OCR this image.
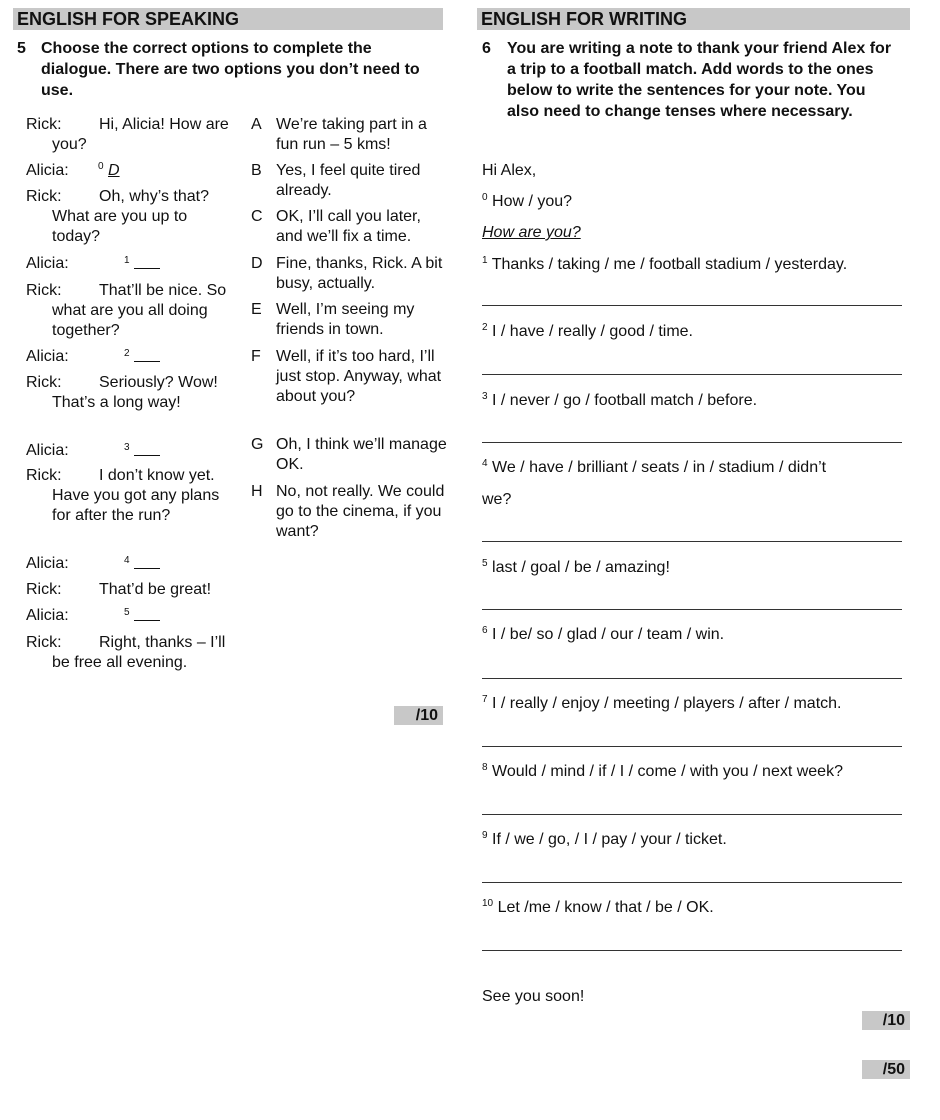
ENGLISH FOR SPEAKING
5 Choose the correct options to complete the dialogue. There are two options you don’t need to use.
Rick:	Hi, Alicia! How are you?
Alicia:	$^0$ D
Rick:	Oh, why’s that? What are you up to today?
Alicia:	$^1$
Rick:	That’ll be nice. So what are you all doing together?
Alicia:	$^2$
Rick:	Seriously? Wow! That’s a long way!
Alicia:	$^3$
Rick:	I don’t know yet. Have you got any plans for after the run?
Alicia:	$^4$
Rick:	That’d be great!
Alicia:	$^5$
Rick:	Right, thanks – I’ll be free all evening.
A We’re taking part in a fun run – 5 kms!
B Yes, I feel quite tired already.
C OK, I’ll call you later, and we’ll fix a time.
D Fine, thanks, Rick. A bit busy, actually.
E Well, I’m seeing my friends in town.
F Well, if it’s too hard, I’ll just stop. Anyway, what about you?
G Oh, I think we’ll manage OK.
H No, not really. We could go to the cinema, if you want?
/10
ENGLISH FOR WRITING
6	You are writing a note to thank your friend Alex for a trip to a football match. Add words to the ones below to write the sentences for your note. You also need to change tenses where necessary.
Hi Alex,
$^0$ How / you?
How are you?
$^1$ Thanks / taking / me / football stadium / yesterday.
$^2$ I / have / really / good / time.
$^3$ I / never / go / football match / before.
$^4$ We / have / brilliant / seats / in / stadium / didn’t
we?
$^5$ last / goal / be / amazing!
$^6$ I / be/ so / glad / our / team / win.
$^7$ I / really / enjoy / meeting / players / after / match.
$^8$ Would / mind / if / I / come / with you / next week?
$^9$ If / we / go, / I / pay / your / ticket.
$^{10}$ Let /me / know / that / be / OK.
See you soon!
/10
/50
